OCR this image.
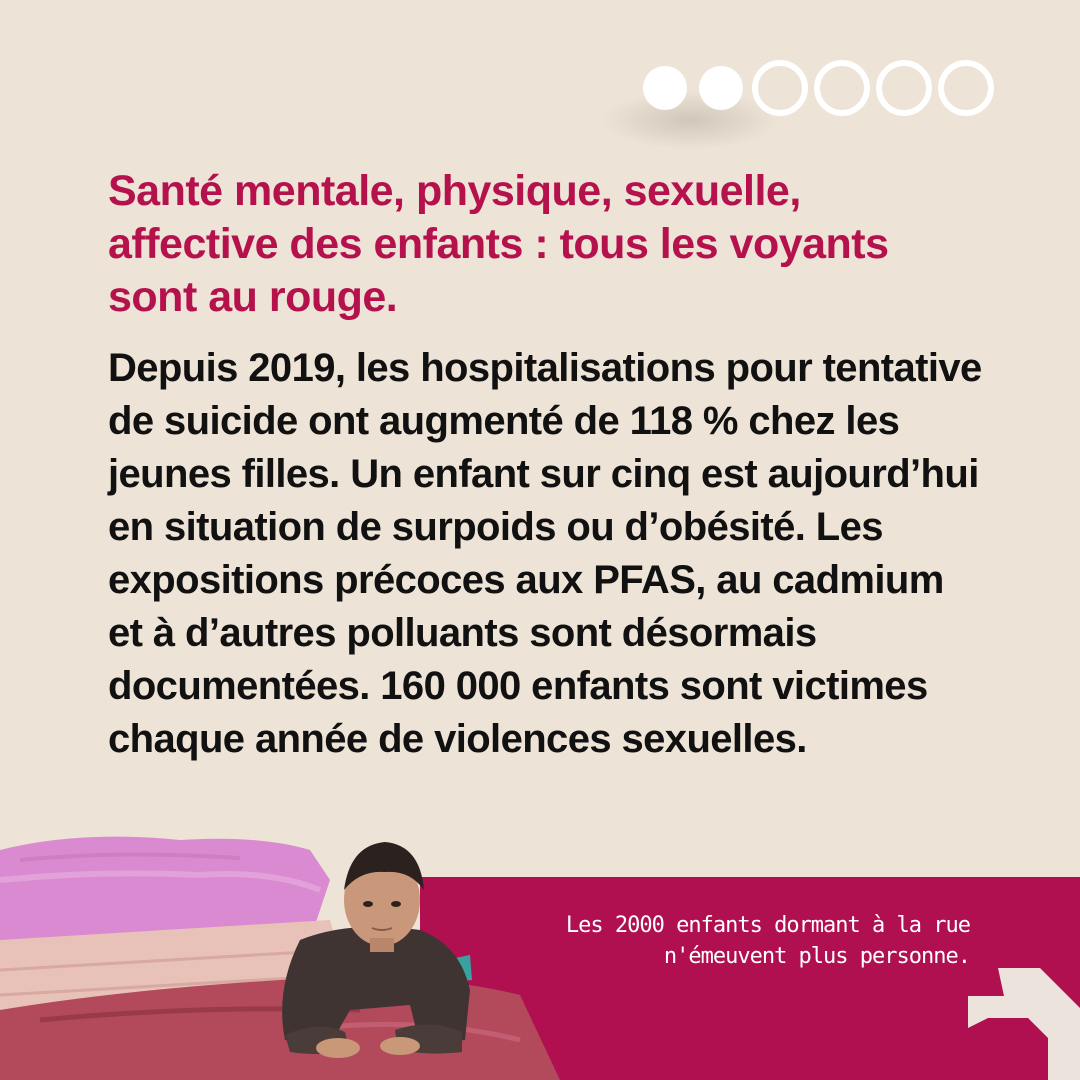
Santé mentale, physique, sexuelle, affective des enfants : tous les voyants sont au rouge.

Depuis 2019, les hospitalisations pour tentative de suicide ont augmenté de 118 % chez les jeunes filles. Un enfant sur cinq est aujourd’hui en situation de surpoids ou d’obésité. Les expositions précoces aux PFAS, au cadmium et à d’autres polluants sont désormais documentées. 160 000 enfants sont victimes chaque année de violences sexuelles.

Les 2000 enfants dormant à la rue n'émeuvent plus personne.
